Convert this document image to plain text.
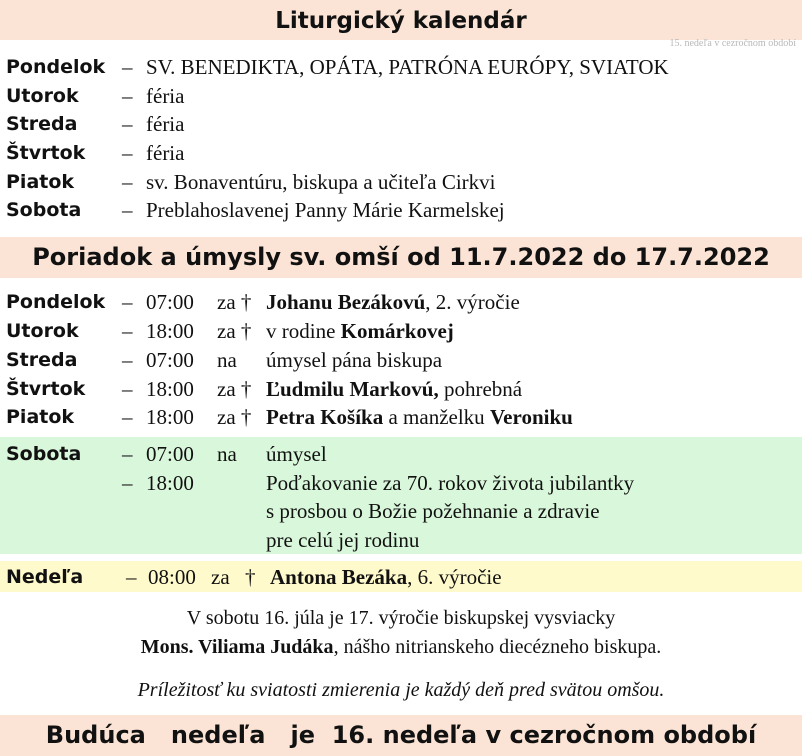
Liturgický kalendár
15. nedeľa v cezročnom období
Pondelok – SV. BENEDIKTA, OPÁTA, PATRÓNA EURÓPY, SVIATOK
Utorok – féria
Streda – féria
Štvrtok – féria
Piatok – sv. Bonaventúru, biskupa a učiteľa Cirkvi
Sobota – Preblahoslavenej Panny Márie Karmelskej
Poriadok a úmysly sv. omší od 11.7.2022 do 17.7.2022
Pondelok – 07:00 za † Johanu Bezákovú, 2. výročie
Utorok – 18:00 za † v rodine Komárkovej
Streda – 07:00 na úmysel pána biskupa
Štvrtok – 18:00 za † Ľudmilu Markovú, pohrebná
Piatok – 18:00 za † Petra Košíka a manželku Veroniku
Sobota – 07:00 na úmysel
– 18:00	Poďakovanie za 70. rokov života jubilantky
s prosbou o Božie požehnanie a zdravie
pre celú jej rodinu
Nedeľa – 08:00 za † Antona Bezáka, 6. výročie
V sobotu 16. júla je 17. výročie biskupskej vysviacky
Mons. Viliama Judáka, nášho nitrianskeho diecézneho biskupa.
Príležitosť ku sviatosti zmierenia je každý deň pred svätou omšou.
Budúca   nedeľa   je  16. nedeľa v cezročnom období
